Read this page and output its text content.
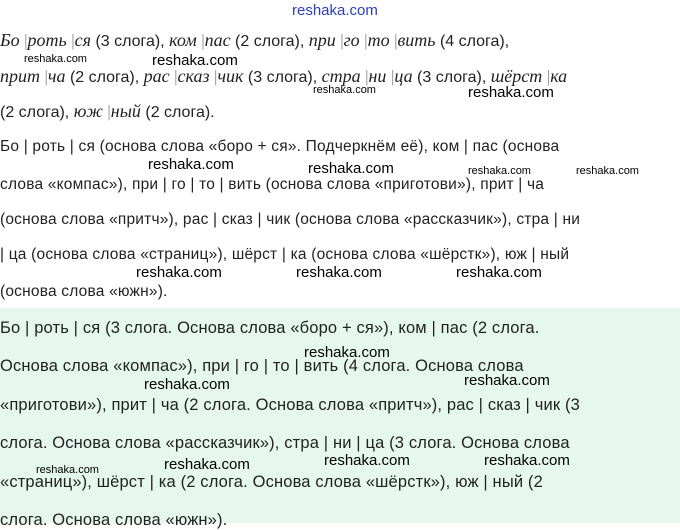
reshaka.com
Бо |роть |ся (3 слога), ком |пас (2 слога), при |го |то |вить (4 слога),
прит |ча (2 слога), рас |сказ |чик (3 слога), стра |ни |ца (3 слога), шёрст |ка
(2 слога), юж |ный (2 слога).
Бо | роть | ся (основа слова «боро + ся». Подчеркнём её), ком | пас (основа
слова «компас»), при | го | то | вить (основа слова «приготови»), прит | ча
(основа слова «притч»), рас | сказ | чик (основа слова «рассказчик»), стра | ни
| ца (основа слова «страниц»), шёрст | ка (основа слова «шёрстк»), юж | ный
(основа слова «южн»).
Бо | роть | ся (3 слога. Основа слова «боро + ся»), ком | пас (2 слога.
Основа слова «компас»), при | го | то | вить (4 слога. Основа слова
«приготови»), прит | ча (2 слога. Основа слова «притч»), рас | сказ | чик (3
слога. Основа слова «рассказчик»), стра | ни | ца (3 слога. Основа слова
«страниц»), шёрст | ка (2 слога. Основа слова «шёрстк»), юж | ный (2
слога. Основа слова «южн»).
reshaka.com	reshaka.com
reshaka.com	reshaka.com
reshaka.com	reshaka.com	reshaka.com	reshaka.com
reshaka.com	reshaka.com	reshaka.com
reshaka.com
reshaka.com	reshaka.com
reshaka.com	reshaka.com	reshaka.com	reshaka.com
